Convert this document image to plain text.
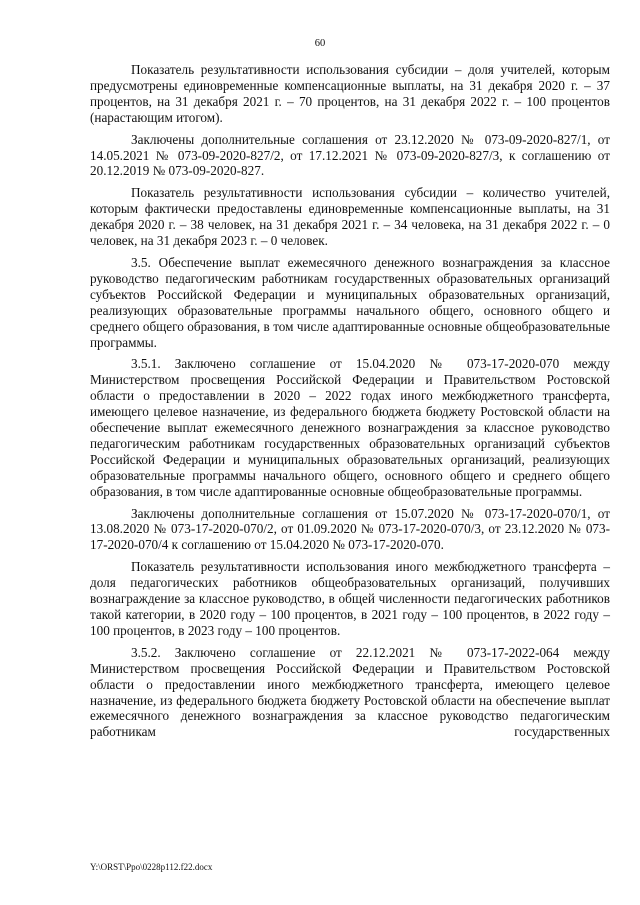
60

Показатель результативности использования субсидии – доля учителей, которым предусмотрены единовременные компенсационные выплаты, на 31 декабря 2020 г. – 37 процентов, на 31 декабря 2021 г. – 70 процентов, на 31 декабря 2022 г. – 100 процентов (нарастающим итогом).

Заключены дополнительные соглашения от 23.12.2020 № 073-09-2020-827/1, от 14.05.2021 № 073-09-2020-827/2, от 17.12.2021 № 073-09-2020-827/3, к соглашению от 20.12.2019 № 073-09-2020-827.

Показатель результативности использования субсидии – количество учителей, которым фактически предоставлены единовременные компенсационные выплаты, на 31 декабря 2020 г. – 38 человек, на 31 декабря 2021 г. – 34 человека, на 31 декабря 2022 г. – 0 человек, на 31 декабря 2023 г. – 0 человек.

3.5. Обеспечение выплат ежемесячного денежного вознаграждения за классное руководство педагогическим работникам государственных образовательных организаций субъектов Российской Федерации и муниципальных образовательных организаций, реализующих образовательные программы начального общего, основного общего и среднего общего образования, в том числе адаптированные основные общеобразовательные программы.

3.5.1. Заключено соглашение от 15.04.2020 № 073-17-2020-070 между Министерством просвещения Российской Федерации и Правительством Ростовской области о предоставлении в 2020 – 2022 годах иного межбюджетного трансферта, имеющего целевое назначение, из федерального бюджета бюджету Ростовской области на обеспечение выплат ежемесячного денежного вознаграждения за классное руководство педагогическим работникам государственных образовательных организаций субъектов Российской Федерации и муниципальных образовательных организаций, реализующих образовательные программы начального общего, основного общего и среднего общего образования, в том числе адаптированные основные общеобразовательные программы.

Заключены дополнительные соглашения от 15.07.2020 № 073-17-2020-070/1, от 13.08.2020 № 073-17-2020-070/2, от 01.09.2020 № 073-17-2020-070/3, от 23.12.2020 № 073-17-2020-070/4 к соглашению от 15.04.2020 № 073-17-2020-070.

Показатель результативности использования иного межбюджетного трансферта – доля педагогических работников общеобразовательных организаций, получивших вознаграждение за классное руководство, в общей численности педагогических работников такой категории, в 2020 году – 100 процентов, в 2021 году – 100 процентов, в 2022 году – 100 процентов, в 2023 году – 100 процентов.

3.5.2. Заключено соглашение от 22.12.2021 № 073-17-2022-064 между Министерством просвещения Российской Федерации и Правительством Ростовской области о предоставлении иного межбюджетного трансферта, имеющего целевое назначение, из федерального бюджета бюджету Ростовской области на обеспечение выплат ежемесячного денежного вознаграждения за классное руководство педагогическим работникам государственных

Y:\ORST\Ppo\0228p112.f22.docx
